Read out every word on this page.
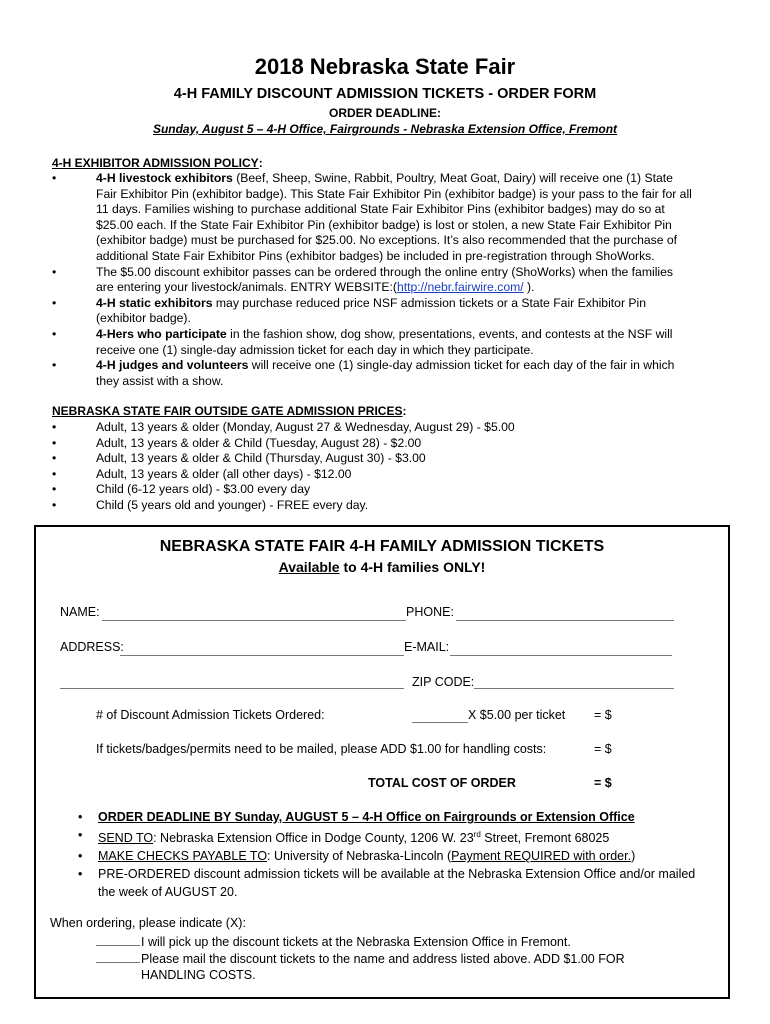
2018 Nebraska State Fair
4-H FAMILY DISCOUNT ADMISSION TICKETS - ORDER FORM
ORDER DEADLINE:
Sunday, August 5 – 4-H Office, Fairgrounds - Nebraska Extension Office, Fremont
4-H EXHIBITOR ADMISSION POLICY:
•	4-H livestock exhibitors (Beef, Sheep, Swine, Rabbit, Poultry, Meat Goat, Dairy) will receive one (1) State Fair Exhibitor Pin (exhibitor badge). This State Fair Exhibitor Pin (exhibitor badge) is your pass to the fair for all 11 days. Families wishing to purchase additional State Fair Exhibitor Pins (exhibitor badges) may do so at $25.00 each. If the State Fair Exhibitor Pin (exhibitor badge) is lost or stolen, a new State Fair Exhibitor Pin (exhibitor badge) must be purchased for $25.00. No exceptions. It’s also recommended that the purchase of additional State Fair Exhibitor Pins (exhibitor badges) be included in pre-registration through ShoWorks.
•	The $5.00 discount exhibitor passes can be ordered through the online entry (ShoWorks) when the families are entering your livestock/animals. ENTRY WEBSITE:(http://nebr.fairwire.com/ ).
•	4-H static exhibitors may purchase reduced price NSF admission tickets or a State Fair Exhibitor Pin (exhibitor badge).
•	4-Hers who participate in the fashion show, dog show, presentations, events, and contests at the NSF will receive one (1) single-day admission ticket for each day in which they participate.
•	4-H judges and volunteers will receive one (1) single-day admission ticket for each day of the fair in which they assist with a show.
NEBRASKA STATE FAIR OUTSIDE GATE ADMISSION PRICES:
•	Adult, 13 years & older (Monday, August 27 & Wednesday, August 29) - $5.00
•	Adult, 13 years & older & Child (Tuesday, August 28) - $2.00
•	Adult, 13 years & older & Child (Thursday, August 30) - $3.00
•	Adult, 13 years & older (all other days) - $12.00
•	Child (6-12 years old) - $3.00 every day
•	Child (5 years old and younger) - FREE every day.
NEBRASKA STATE FAIR 4-H FAMILY ADMISSION TICKETS
Available to 4-H families ONLY!
NAME:	PHONE:
ADDRESS:	E-MAIL:
ZIP CODE:
# of Discount Admission Tickets Ordered:	X $5.00 per ticket = $
If tickets/badges/permits need to be mailed, please ADD $1.00 for handling costs:	= $
TOTAL COST OF ORDER	= $
• ORDER DEADLINE BY Sunday, AUGUST 5 – 4-H Office on Fairgrounds or Extension Office
• SEND TO: Nebraska Extension Office in Dodge County, 1206 W. 23rd Street, Fremont 68025
• MAKE CHECKS PAYABLE TO: University of Nebraska-Lincoln (Payment REQUIRED with order.)
• PRE-ORDERED discount admission tickets will be available at the Nebraska Extension Office and/or mailed the week of AUGUST 20.
When ordering, please indicate (X):
I will pick up the discount tickets at the Nebraska Extension Office in Fremont.
Please mail the discount tickets to the name and address listed above. ADD $1.00 FOR
HANDLING COSTS.
